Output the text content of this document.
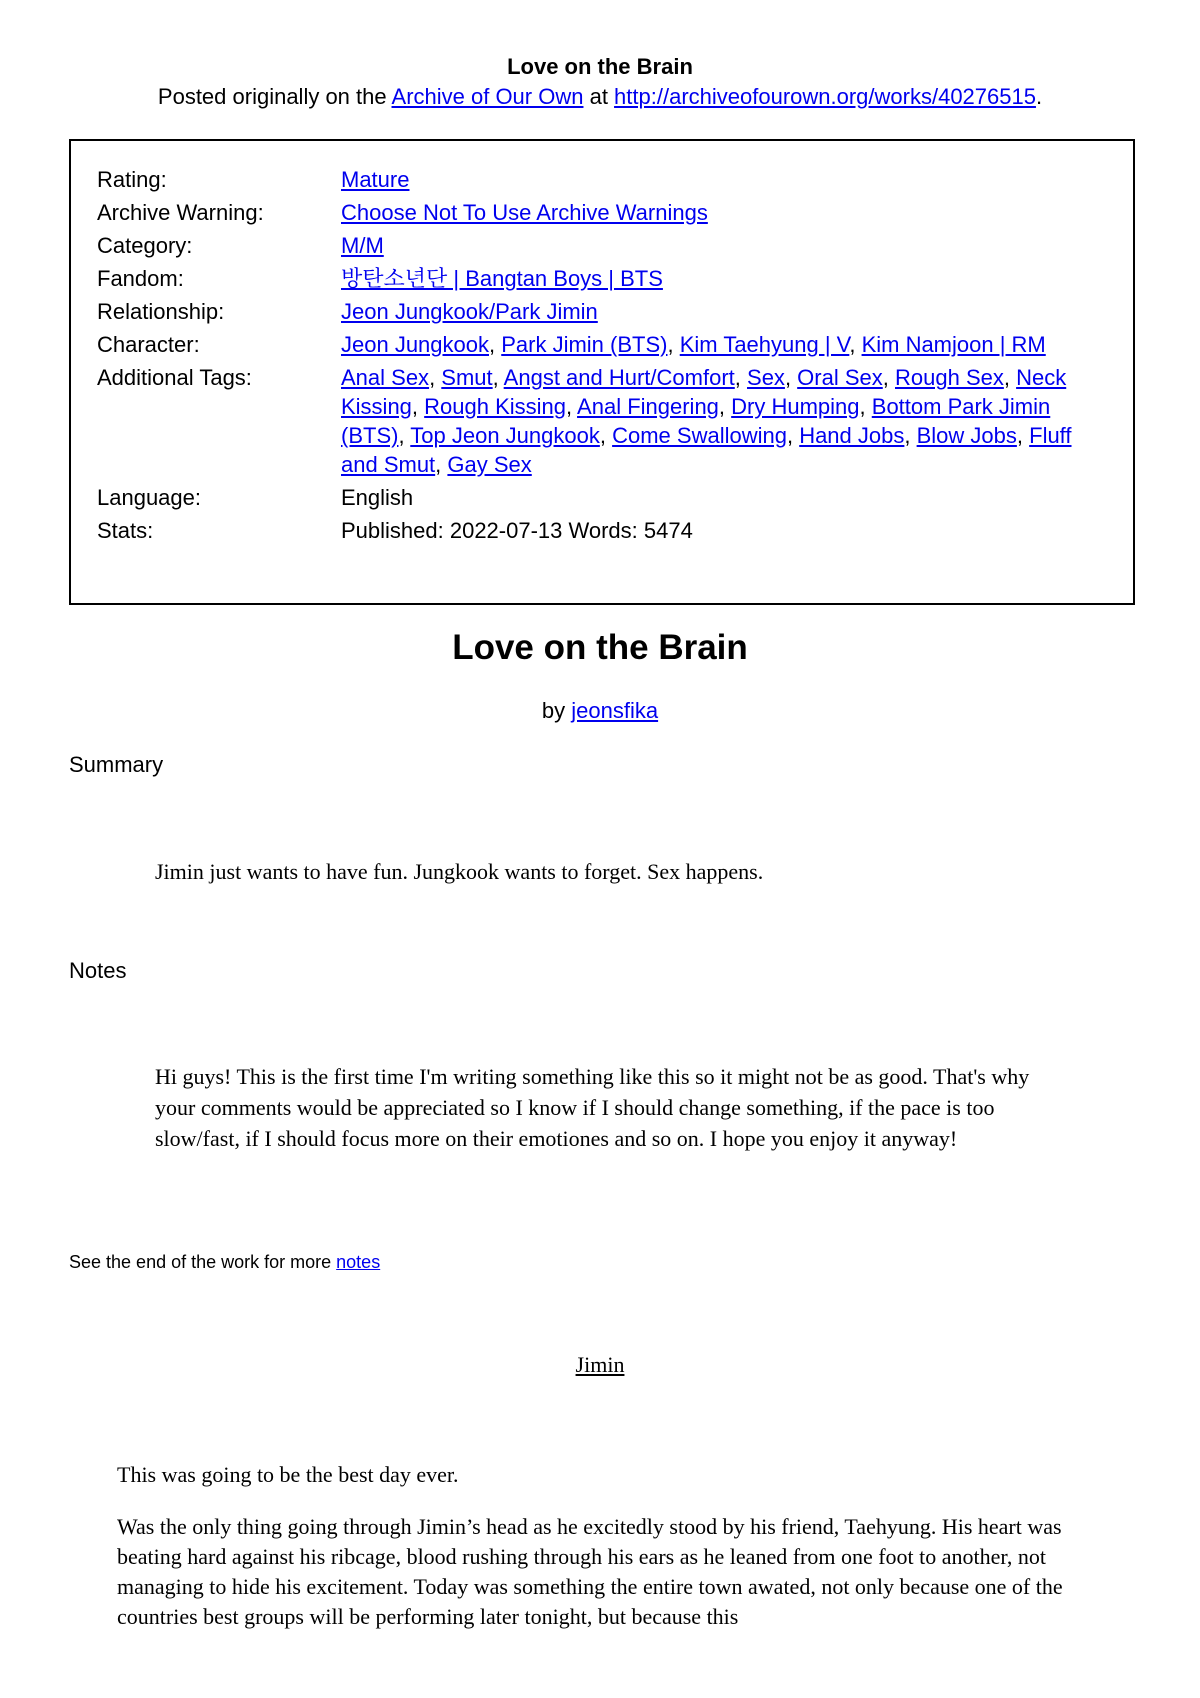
Love on the Brain
Posted originally on the Archive of Our Own at http://archiveofourown.org/works/40276515.
Rating:	Mature
Archive Warning:	Choose Not To Use Archive Warnings
Category:	M/M
Fandom:	방탄소년단 | Bangtan Boys | BTS
Relationship:	Jeon Jungkook/Park Jimin
Character:	Jeon Jungkook, Park Jimin (BTS), Kim Taehyung | V, Kim Namjoon | RM
Additional Tags:	Anal Sex, Smut, Angst and Hurt/Comfort, Sex, Oral Sex, Rough Sex, Neck Kissing, Rough Kissing, Anal Fingering, Dry Humping, Bottom Park Jimin (BTS), Top Jeon Jungkook, Come Swallowing, Hand Jobs, Blow Jobs, Fluff and Smut, Gay Sex
Language:	English
Stats:	Published: 2022-07-13 Words: 5474
Love on the Brain
by jeonsfika
Summary
Jimin just wants to have fun. Jungkook wants to forget. Sex happens.
Notes
Hi guys! This is the first time I'm writing something like this so it might not be as good. That's why your comments would be appreciated so I know if I should change something, if the pace is too slow/fast, if I should focus more on their emotiones and so on. I hope you enjoy it anyway!
See the end of the work for more notes
Jimin

This was going to be the best day ever.

Was the only thing going through Jimin’s head as he excitedly stood by his friend, Taehyung. His heart was beating hard against his ribcage, blood rushing through his ears as he leaned from one foot to another, not managing to hide his excitement. Today was something the entire town awated, not only because one of the countries best groups will be performing later tonight, but because this
